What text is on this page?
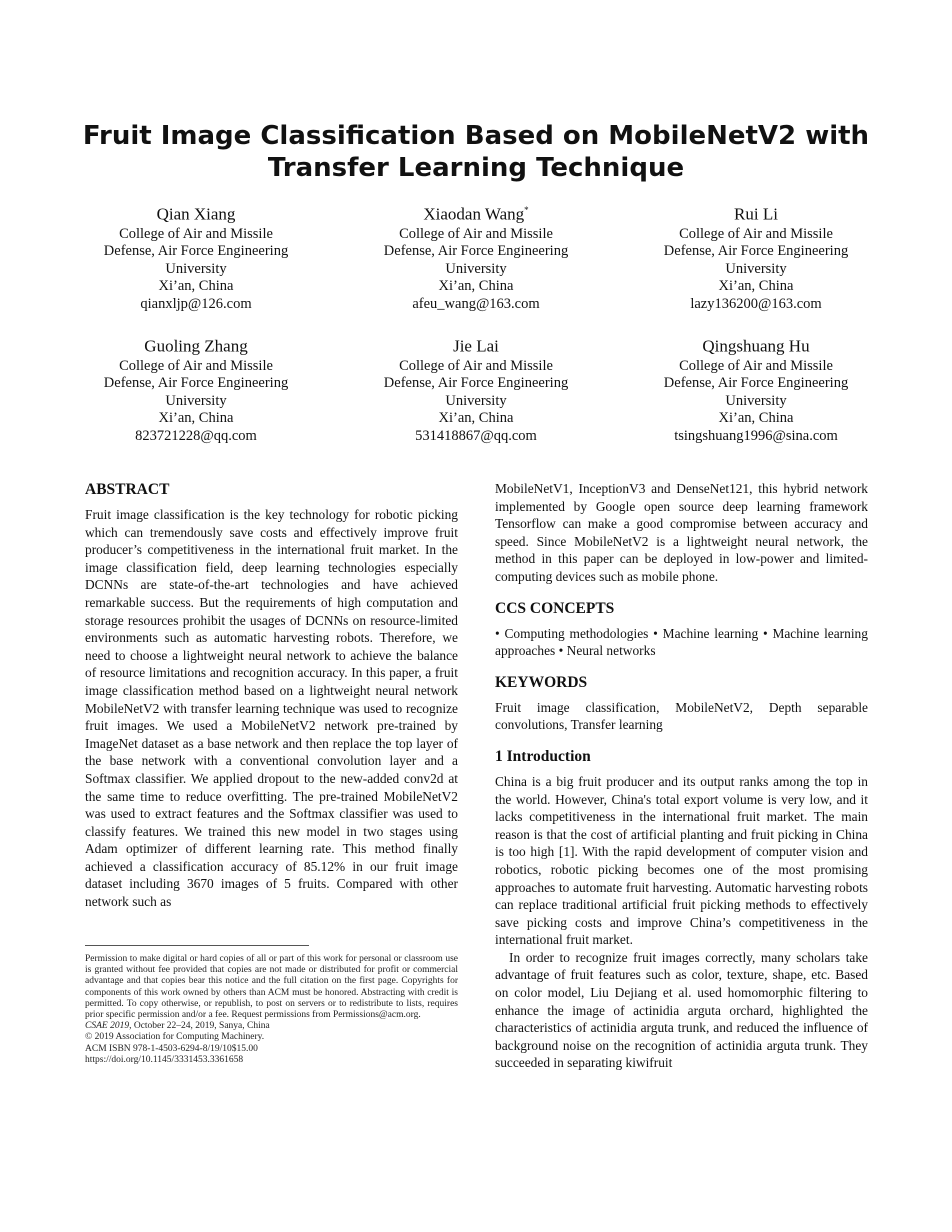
Fruit Image Classification Based on MobileNetV2 with Transfer Learning Technique
Qian Xiang
College of Air and Missile
Defense, Air Force Engineering
University
Xi’an, China
qianxljp@126.com
Xiaodan Wang*
College of Air and Missile
Defense, Air Force Engineering
University
Xi’an, China
afeu_wang@163.com
Rui Li
College of Air and Missile
Defense, Air Force Engineering
University
Xi’an, China
lazy136200@163.com
Guoling Zhang
College of Air and Missile
Defense, Air Force Engineering
University
Xi’an, China
823721228@qq.com
Jie Lai
College of Air and Missile
Defense, Air Force Engineering
University
Xi’an, China
531418867@qq.com
Qingshuang Hu
College of Air and Missile
Defense, Air Force Engineering
University
Xi’an, China
tsingshuang1996@sina.com
ABSTRACT

Fruit image classification is the key technology for robotic picking which can tremendously save costs and effectively improve fruit producer’s competitiveness in the international fruit market. In the image classification field, deep learning technologies especially DCNNs are state-of-the-art technologies and have achieved remarkable success. But the requirements of high computation and storage resources prohibit the usages of DCNNs on resource-limited environments such as automatic harvesting robots. Therefore, we need to choose a lightweight neural network to achieve the balance of resource limitations and recognition accuracy. In this paper, a fruit image classification method based on a lightweight neural network MobileNetV2 with transfer learning technique was used to recognize fruit images. We used a MobileNetV2 network pre-trained by ImageNet dataset as a base network and then replace the top layer of the base network with a conventional convolution layer and a Softmax classifier. We applied dropout to the new-added conv2d at the same time to reduce overfitting. The pre-trained MobileNetV2 was used to extract features and the Softmax classifier was used to classify features. We trained this new model in two stages using Adam optimizer of different learning rate. This method finally achieved a classification accuracy of 85.12% in our fruit image dataset including 3670 images of 5 fruits. Compared with other network such as

Permission to make digital or hard copies of all or part of this work for personal or classroom use is granted without fee provided that copies are not made or distributed for profit or commercial advantage and that copies bear this notice and the full citation on the first page. Copyrights for components of this work owned by others than ACM must be honored. Abstracting with credit is permitted. To copy otherwise, or republish, to post on servers or to redistribute to lists, requires prior specific permission and/or a fee. Request permissions from Permissions@acm.org.

CSAE 2019, October 22–24, 2019, Sanya, China
© 2019 Association for Computing Machinery.
ACM ISBN 978-1-4503-6294-8/19/10$15.00
https://doi.org/10.1145/3331453.3361658

MobileNetV1, InceptionV3 and DenseNet121, this hybrid network implemented by Google open source deep learning framework Tensorflow can make a good compromise between accuracy and speed. Since MobileNetV2 is a lightweight neural network, the method in this paper can be deployed in low-power and limited-computing devices such as mobile phone.

CCS CONCEPTS

• Computing methodologies • Machine learning • Machine learning approaches • Neural networks

KEYWORDS

Fruit image classification, MobileNetV2, Depth separable convolutions, Transfer learning

1 Introduction

China is a big fruit producer and its output ranks among the top in the world. However, China's total export volume is very low, and it lacks competitiveness in the international fruit market. The main reason is that the cost of artificial planting and fruit picking in China is too high [1]. With the rapid development of computer vision and robotics, robotic picking becomes one of the most promising approaches to automate fruit harvesting. Automatic harvesting robots can replace traditional artificial fruit picking methods to effectively save picking costs and improve China’s competitiveness in the international fruit market.

In order to recognize fruit images correctly, many scholars take advantage of fruit features such as color, texture, shape, etc. Based on color model, Liu Dejiang et al. used homomorphic filtering to enhance the image of actinidia arguta orchard, highlighted the characteristics of actinidia arguta trunk, and reduced the influence of background noise on the recognition of actinidia arguta trunk. They succeeded in separating kiwifruit
